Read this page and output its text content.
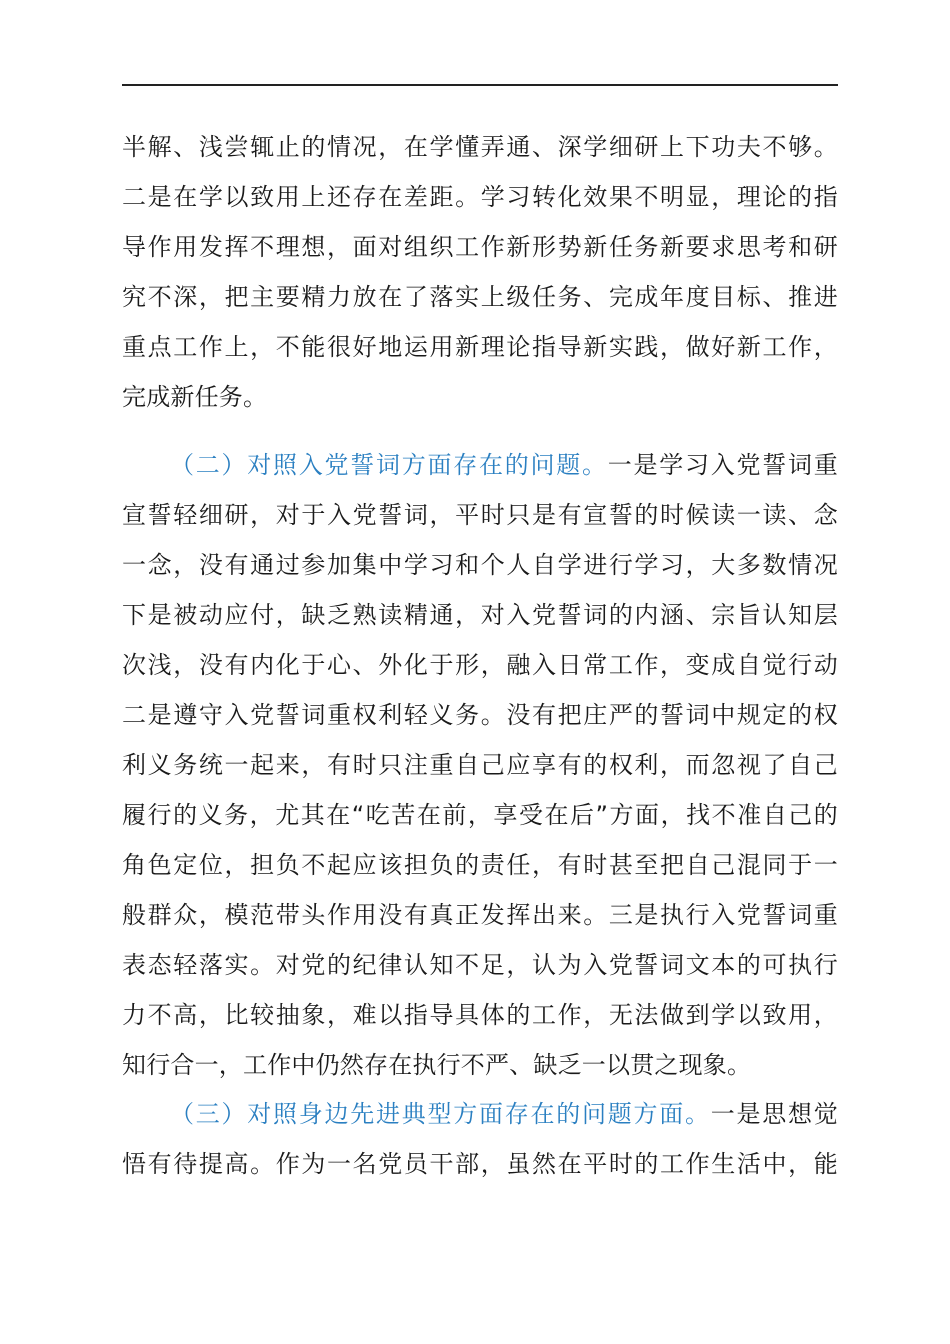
半解、浅尝辄止的情况，在学懂弄通、深学细研上下功夫不够。
二是在学以致用上还存在差距。学习转化效果不明显，理论的指
导作用发挥不理想，面对组织工作新形势新任务新要求思考和研
究不深，把主要精力放在了落实上级任务、完成年度目标、推进
重点工作上，不能很好地运用新理论指导新实践，做好新工作，
完成新任务。
（二）对照入党誓词方面存在的问题。一是学习入党誓词重
宣誓轻细研，对于入党誓词，平时只是有宣誓的时候读一读、念
一念，没有通过参加集中学习和个人自学进行学习，大多数情况
下是被动应付，缺乏熟读精通，对入党誓词的内涵、宗旨认知层
次浅，没有内化于心、外化于形，融入日常工作，变成自觉行动
二是遵守入党誓词重权利轻义务。没有把庄严的誓词中规定的权
利义务统一起来，有时只注重自己应享有的权利，而忽视了自己
履行的义务，尤其在“吃苦在前，享受在后”方面，找不准自己的
角色定位，担负不起应该担负的责任，有时甚至把自己混同于一
般群众，模范带头作用没有真正发挥出来。三是执行入党誓词重
表态轻落实。对党的纪律认知不足，认为入党誓词文本的可执行
力不高，比较抽象，难以指导具体的工作，无法做到学以致用，
知行合一，工作中仍然存在执行不严、缺乏一以贯之现象。
（三）对照身边先进典型方面存在的问题方面。一是思想觉
悟有待提高。作为一名党员干部，虽然在平时的工作生活中，能
